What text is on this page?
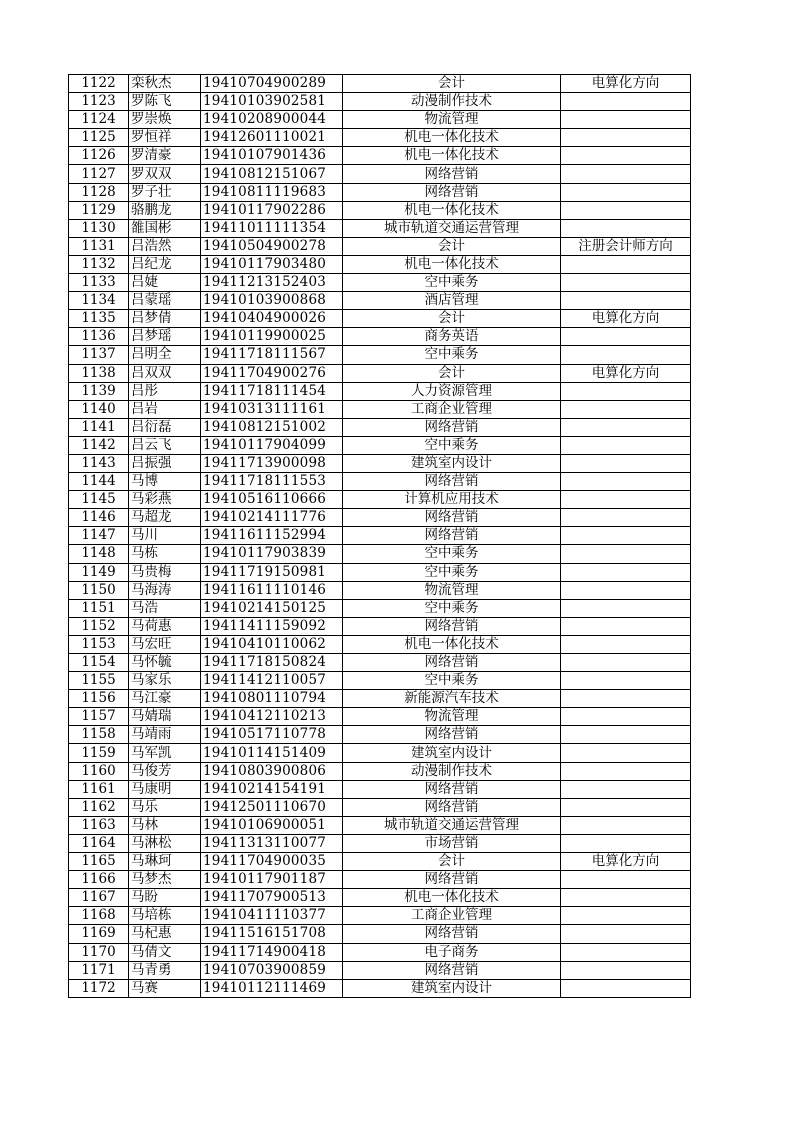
1122	栾秋杰	19410704900289	会计	电算化方向
1123	罗陈飞	19410103902581	动漫制作技术	
1124	罗崇焕	19410208900044	物流管理	
1125	罗恒祥	19412601110021	机电一体化技术	
1126	罗清豪	19410107901436	机电一体化技术	
1127	罗双双	19410812151067	网络营销	
1128	罗子壮	19410811119683	网络营销	
1129	骆鹏龙	19410117902286	机电一体化技术	
1130	雒国彬	19411011111354	城市轨道交通运营管理	
1131	吕浩然	19410504900278	会计	注册会计师方向
1132	吕纪龙	19410117903480	机电一体化技术	
1133	吕婕	19411213152403	空中乘务	
1134	吕蒙瑶	19410103900868	酒店管理	
1135	吕梦倩	19410404900026	会计	电算化方向
1136	吕梦瑶	19410119900025	商务英语	
1137	吕明全	19411718111567	空中乘务	
1138	吕双双	19411704900276	会计	电算化方向
1139	吕彤	19411718111454	人力资源管理	
1140	吕岩	19410313111161	工商企业管理	
1141	吕衍磊	19410812151002	网络营销	
1142	吕云飞	19410117904099	空中乘务	
1143	吕振强	19411713900098	建筑室内设计	
1144	马博	19411718111553	网络营销	
1145	马彩燕	19410516110666	计算机应用技术	
1146	马超龙	19410214111776	网络营销	
1147	马川	19411611152994	网络营销	
1148	马栋	19410117903839	空中乘务	
1149	马贵梅	19411719150981	空中乘务	
1150	马海涛	19411611110146	物流管理	
1151	马浩	19410214150125	空中乘务	
1152	马荷惠	19411411159092	网络营销	
1153	马宏旺	19410410110062	机电一体化技术	
1154	马怀毓	19411718150824	网络营销	
1155	马家乐	19411412110057	空中乘务	
1156	马江豪	19410801110794	新能源汽车技术	
1157	马婧瑞	19410412110213	物流管理	
1158	马靖雨	19410517110778	网络营销	
1159	马军凯	19410114151409	建筑室内设计	
1160	马俊芳	19410803900806	动漫制作技术	
1161	马康明	19410214154191	网络营销	
1162	马乐	19412501110670	网络营销	
1163	马林	19410106900051	城市轨道交通运营管理	
1164	马淋松	19411313110077	市场营销	
1165	马琳珂	19411704900035	会计	电算化方向
1166	马梦杰	19410117901187	网络营销	
1167	马盼	19411707900513	机电一体化技术	
1168	马培栋	19410411110377	工商企业管理	
1169	马杞惠	19411516151708	网络营销	
1170	马倩文	19411714900418	电子商务	
1171	马青勇	19410703900859	网络营销	
1172	马赛	19410112111469	建筑室内设计	
